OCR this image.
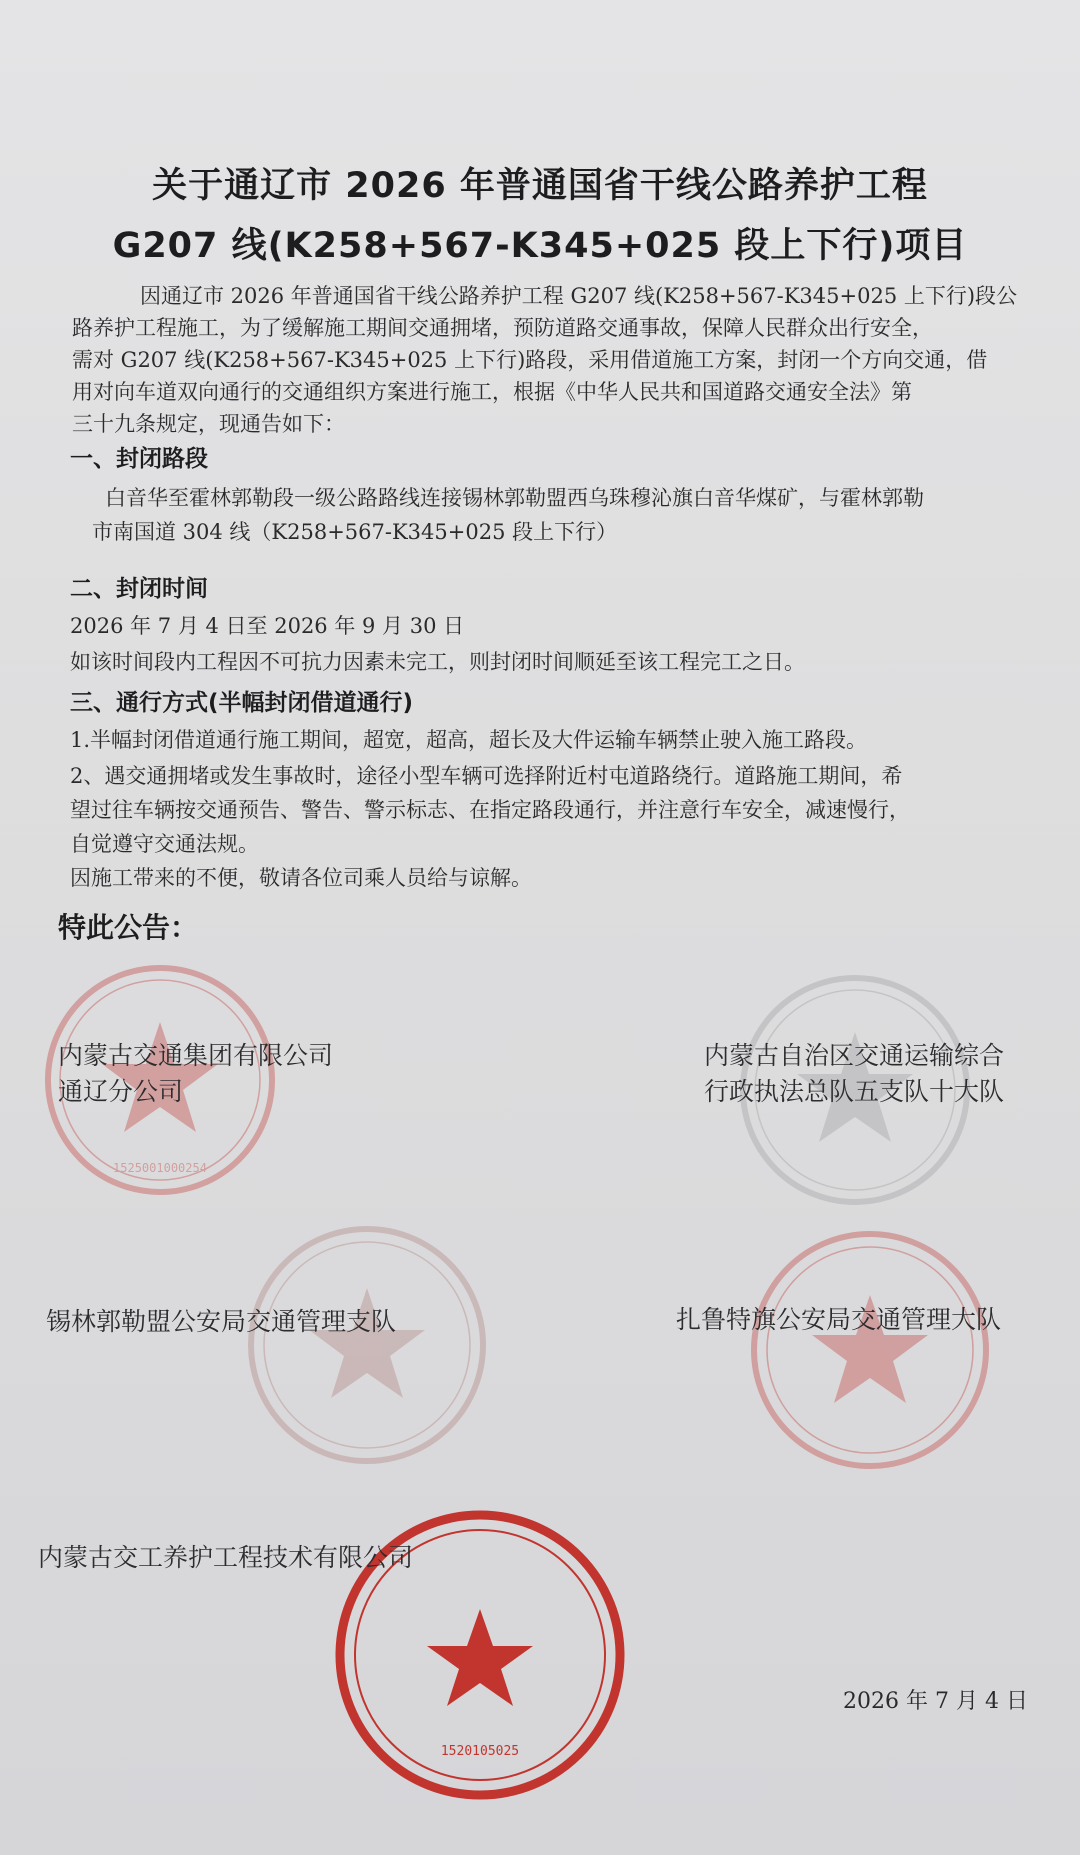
1525001000254
1520105025
关于通辽市 2026 年普通国省干线公路养护工程
G207 线(K258+567-K345+025 段上下行)项目
因通辽市 2026 年普通国省干线公路养护工程 G207 线(K258+567-K345+025 上下行)段公
路养护工程施工，为了缓解施工期间交通拥堵，预防道路交通事故，保障人民群众出行安全，
需对 G207 线(K258+567-K345+025 上下行)路段，采用借道施工方案，封闭一个方向交通，借
用对向车道双向通行的交通组织方案进行施工，根据《中华人民共和国道路交通安全法》第
三十九条规定，现通告如下：
一、封闭路段
白音华至霍林郭勒段一级公路路线连接锡林郭勒盟西乌珠穆沁旗白音华煤矿，与霍林郭勒
市南国道 304 线（K258+567-K345+025 段上下行）
二、封闭时间
2026 年 7 月 4 日至 2026 年 9 月 30 日
如该时间段内工程因不可抗力因素未完工，则封闭时间顺延至该工程完工之日。
三、通行方式(半幅封闭借道通行)
1.半幅封闭借道通行施工期间，超宽，超高，超长及大件运输车辆禁止驶入施工路段。
2、遇交通拥堵或发生事故时，途径小型车辆可选择附近村屯道路绕行。道路施工期间，希
望过往车辆按交通预告、警告、警示标志、在指定路段通行，并注意行车安全，减速慢行，
自觉遵守交通法规。
因施工带来的不便，敬请各位司乘人员给与谅解。
特此公告：
内蒙古交通集团有限公司
通辽分公司
内蒙古自治区交通运输综合
行政执法总队五支队十大队
锡林郭勒盟公安局交通管理支队	扎鲁特旗公安局交通管理大队
内蒙古交工养护工程技术有限公司
2026 年 7 月 4 日
